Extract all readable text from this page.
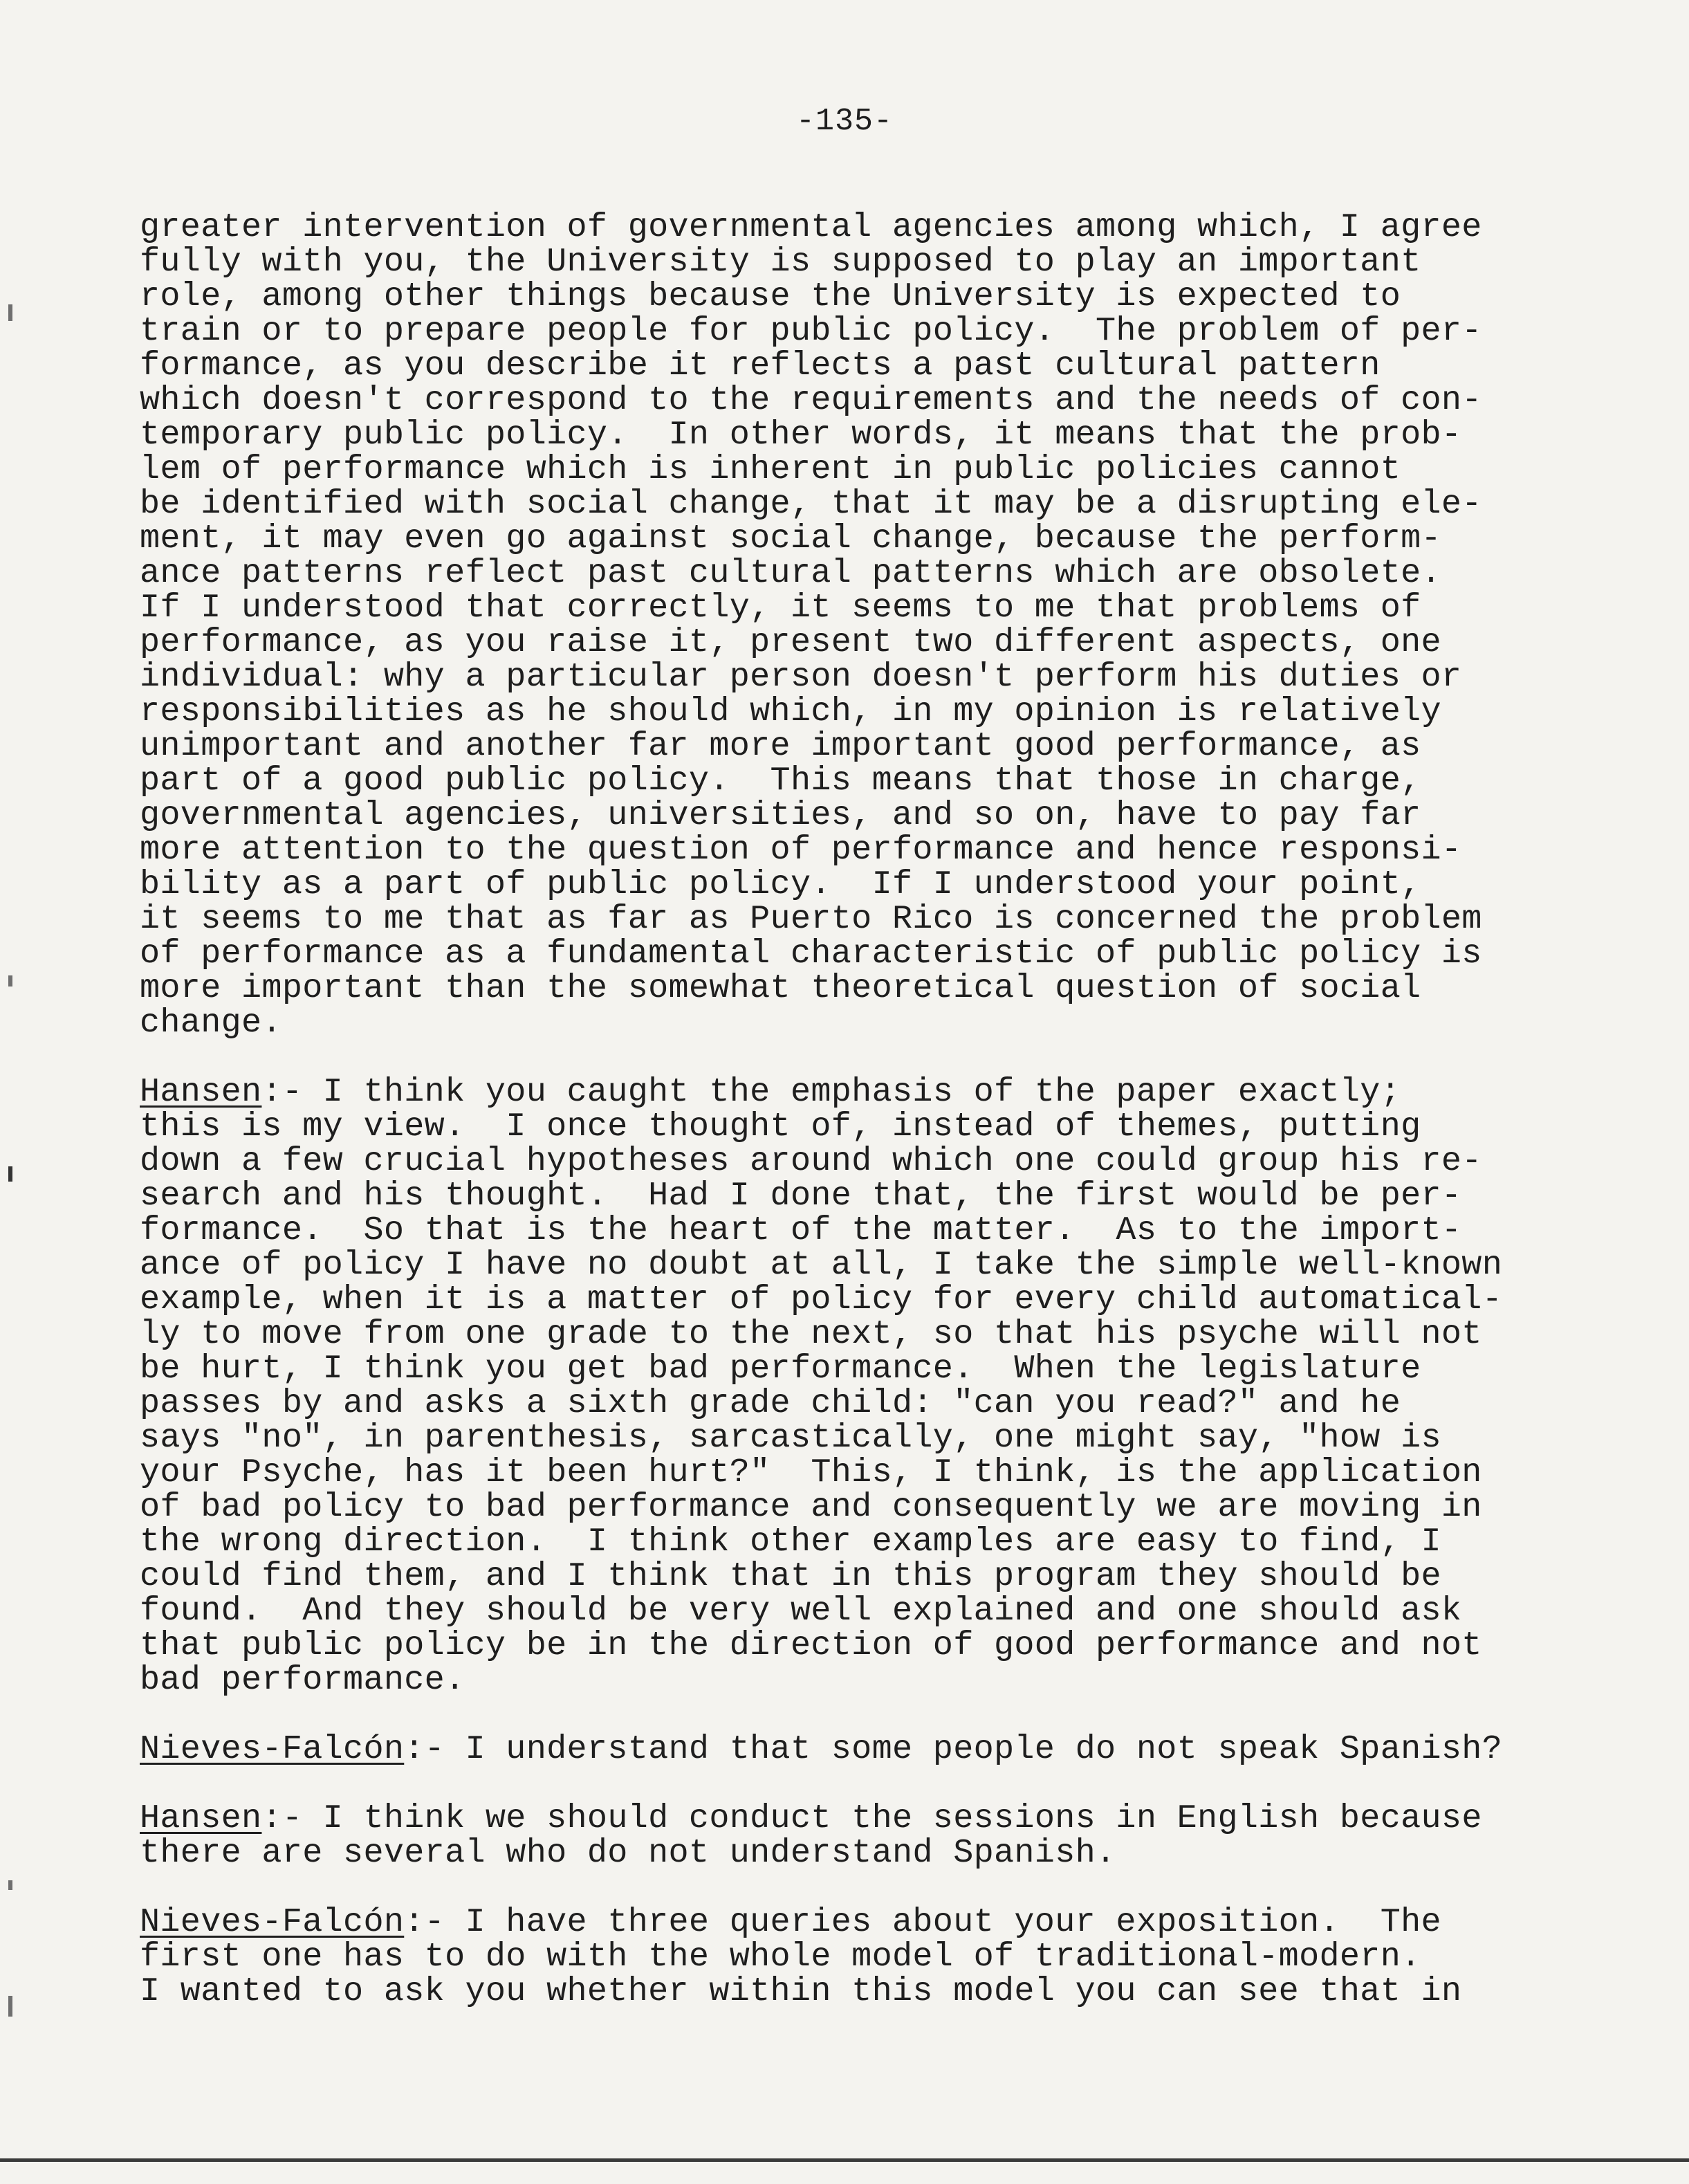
-135-
greater intervention of governmental agencies among which, I agree
fully with you, the University is supposed to play an important
role, among other things because the University is expected to
train or to prepare people for public policy.  The problem of per-
formance, as you describe it reflects a past cultural pattern
which doesn't correspond to the requirements and the needs of con-
temporary public policy.  In other words, it means that the prob-
lem of performance which is inherent in public policies cannot
be identified with social change, that it may be a disrupting ele-
ment, it may even go against social change, because the perform-
ance patterns reflect past cultural patterns which are obsolete.
If I understood that correctly, it seems to me that problems of
performance, as you raise it, present two different aspects, one
individual: why a particular person doesn't perform his duties or
responsibilities as he should which, in my opinion is relatively
unimportant and another far more important good performance, as
part of a good public policy.  This means that those in charge,
governmental agencies, universities, and so on, have to pay far
more attention to the question of performance and hence responsi-
bility as a part of public policy.  If I understood your point,
it seems to me that as far as Puerto Rico is concerned the problem
of performance as a fundamental characteristic of public policy is
more important than the somewhat theoretical question of social
change.
Hansen:- I think you caught the emphasis of the paper exactly;
this is my view.  I once thought of, instead of themes, putting
down a few crucial hypotheses around which one could group his re-
search and his thought.  Had I done that, the first would be per-
formance.  So that is the heart of the matter.  As to the import-
ance of policy I have no doubt at all, I take the simple well-known
example, when it is a matter of policy for every child automatical-
ly to move from one grade to the next, so that his psyche will not
be hurt, I think you get bad performance.  When the legislature
passes by and asks a sixth grade child: "can you read?" and he
says "no", in parenthesis, sarcastically, one might say, "how is
your Psyche, has it been hurt?"  This, I think, is the application
of bad policy to bad performance and consequently we are moving in
the wrong direction.  I think other examples are easy to find, I
could find them, and I think that in this program they should be
found.  And they should be very well explained and one should ask
that public policy be in the direction of good performance and not
bad performance.
Nieves-Falcón:- I understand that some people do not speak Spanish?
Hansen:- I think we should conduct the sessions in English because
there are several who do not understand Spanish.
Nieves-Falcón:- I have three queries about your exposition.  The
first one has to do with the whole model of traditional-modern.
I wanted to ask you whether within this model you can see that in
